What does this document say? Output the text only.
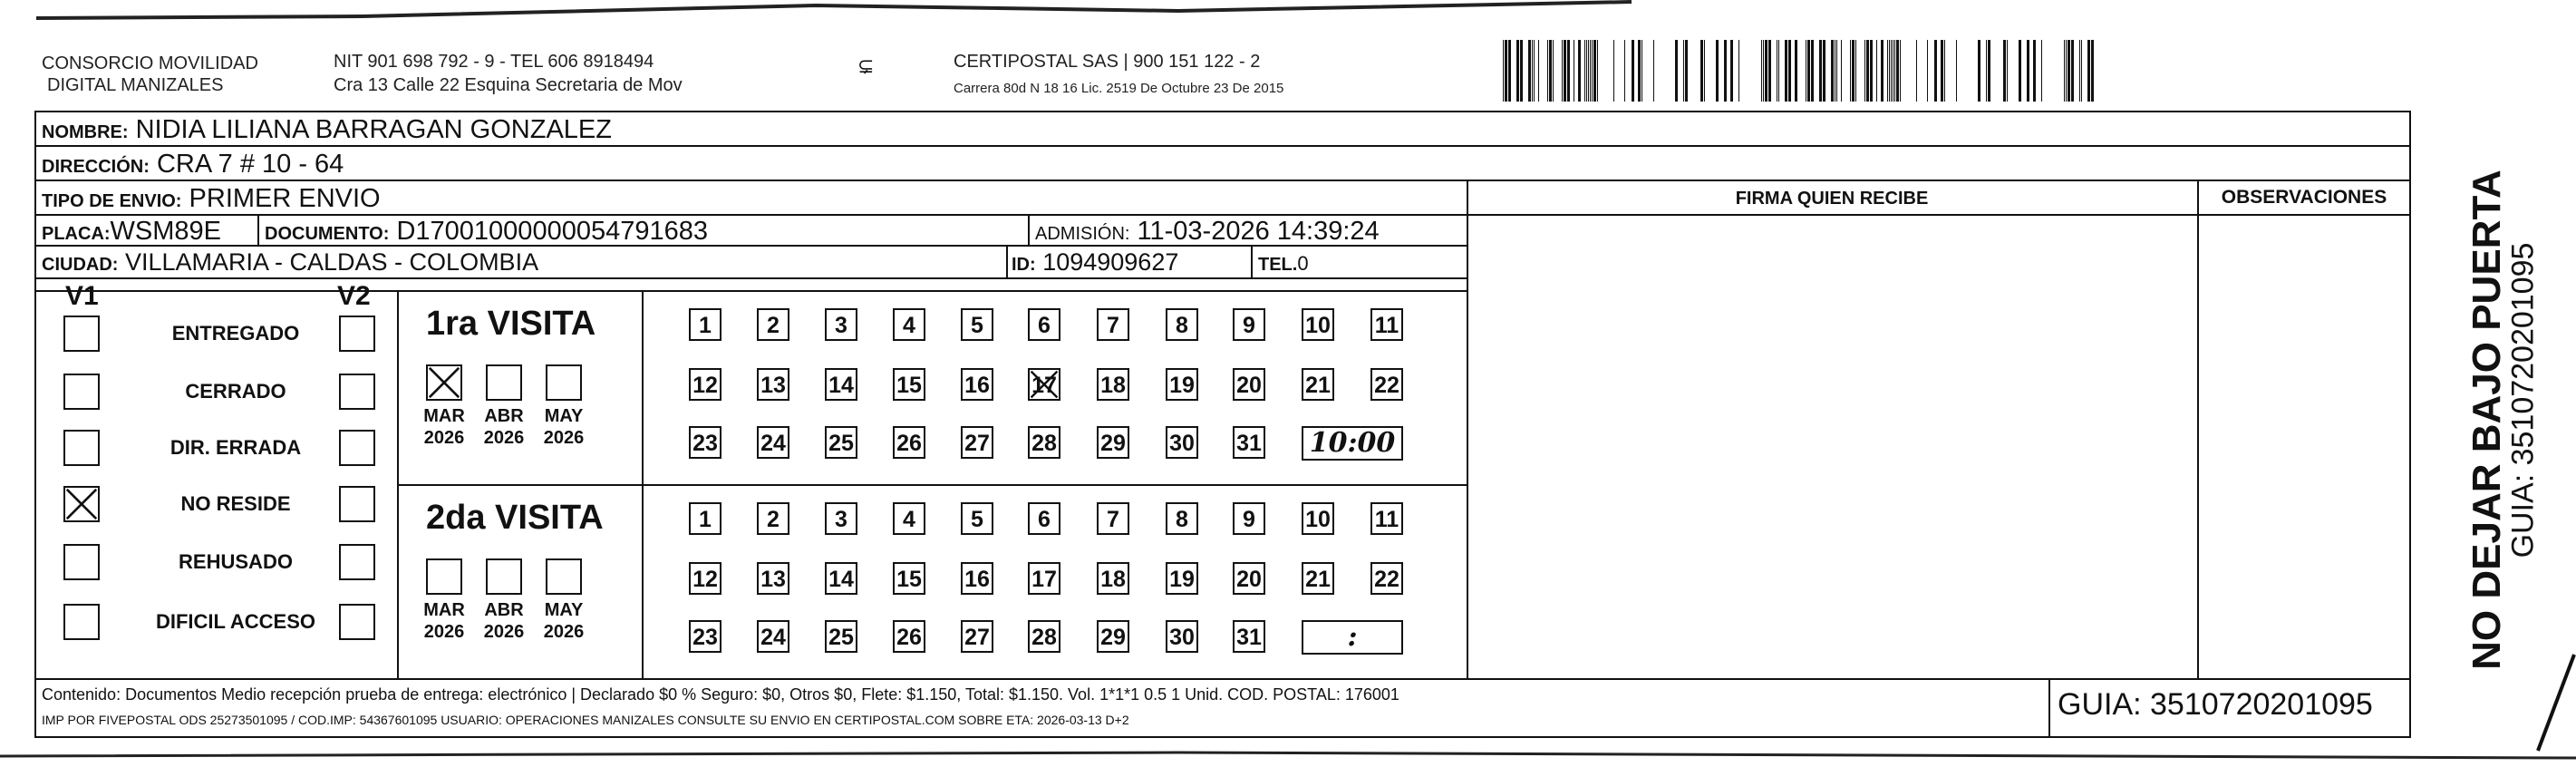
CONSORCIO MOVILIDAD
DIGITAL MANIZALES
NIT 901 698 792 - 9 - TEL 606 8918494
Cra 13 Calle 22 Esquina Secretaria de Mov
⊊	CERTIPOSTAL SAS | 900 151 122 - 2
Carrera 80d N 18 16 Lic. 2519 De Octubre 23 De 2015
NOMBRE: NIDIA LILIANA BARRAGAN GONZALEZ
DIRECCIÓN: CRA 7 # 10 - 64
TIPO DE ENVIO: PRIMER ENVIO	FIRMA QUIEN RECIBE	OBSERVACIONES
PLACA:WSM89E DOCUMENTO: D17001000000054791683	ADMISIÓN: 11-03-2026 14:39:24
CIUDAD: VILLAMARIA - CALDAS - COLOMBIA	ID: 1094909627	TEL.0
V1	V2	NO DEJAR BAJO PUERTA
GUIA: 3510720201095
Contenido: Documentos Medio recepción prueba de entrega: electrónico | Declarado $0 % Seguro: $0, Otros $0, Flete: $1.150, Total: $1.150. Vol. 1*1*1 0.5 1 Unid. COD. POSTAL: 176001
IMP POR FIVEPOSTAL ODS 25273501095 / COD.IMP: 54367601095 USUARIO: OPERACIONES MANIZALES CONSULTE SU ENVIO EN CERTIPOSTAL.COM SOBRE ETA: 2026-03-13 D+2	GUIA: 3510720201095
ENTREGADO
CERRADO
DIR. ERRADA
NO RESIDE
REHUSADO
DIFICIL ACCESO
1ra VISITA
MAR
2026
ABR
2026
MAY
2026
1	2	3	4	5	6	7	8	9	10 11
12 13 14 15 16 17 18 19 20 21 22
23 24 25 26 27 28 29 30 31 10:00
2da VISITA
MAR
2026
ABR
2026
MAY
2026
1	2	3	4	5	6	7	8	9	10 11
12 13 14 15 16 17 18 19 20 21 22
23 24 25 26 27 28 29 30 31	:
